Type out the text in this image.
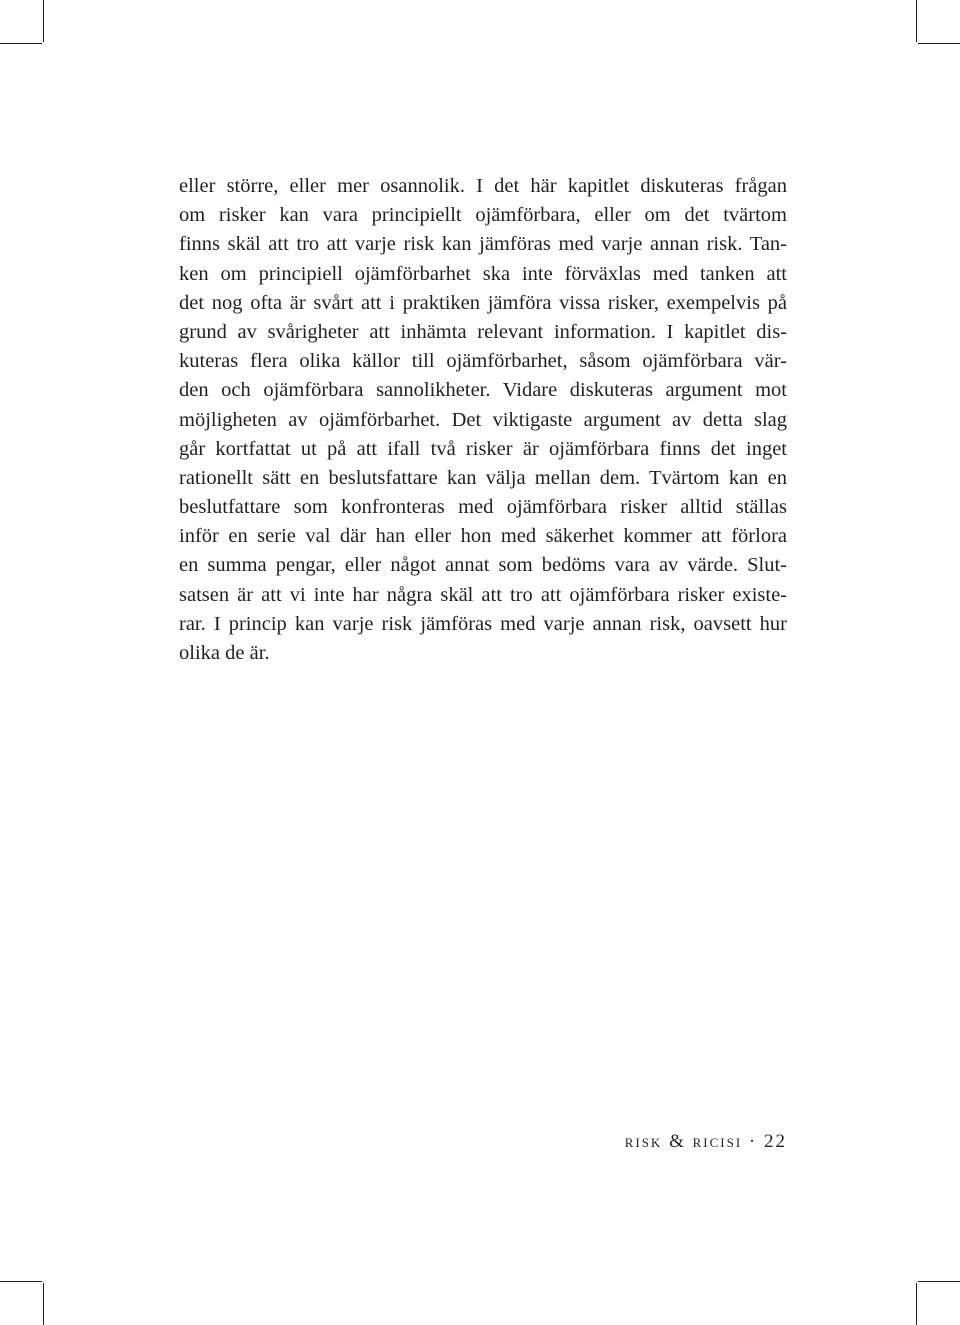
eller större, eller mer osannolik. I det här kapitlet diskuteras frågan
om risker kan vara principiellt ojämförbara, eller om det tvärtom
finns skäl att tro att varje risk kan jämföras med varje annan risk. Tan-
ken om principiell ojämförbarhet ska inte förväxlas med tanken att
det nog ofta är svårt att i praktiken jämföra vissa risker, exempelvis på
grund av svårigheter att inhämta relevant information. I kapitlet dis-
kuteras flera olika källor till ojämförbarhet, såsom ojämförbara vär-
den och ojämförbara sannolikheter. Vidare diskuteras argument mot
möjligheten av ojämförbarhet. Det viktigaste argument av detta slag
går kortfattat ut på att ifall två risker är ojämförbara finns det inget
rationellt sätt en beslutsfattare kan välja mellan dem. Tvärtom kan en
beslutfattare som konfronteras med ojämförbara risker alltid ställas
inför en serie val där han eller hon med säkerhet kommer att förlora
en summa pengar, eller något annat som bedöms vara av värde. Slut-
satsen är att vi inte har några skäl att tro att ojämförbara risker existe-
rar. I princip kan varje risk jämföras med varje annan risk, oavsett hur
olika de är.
risk & ricisi · 22
